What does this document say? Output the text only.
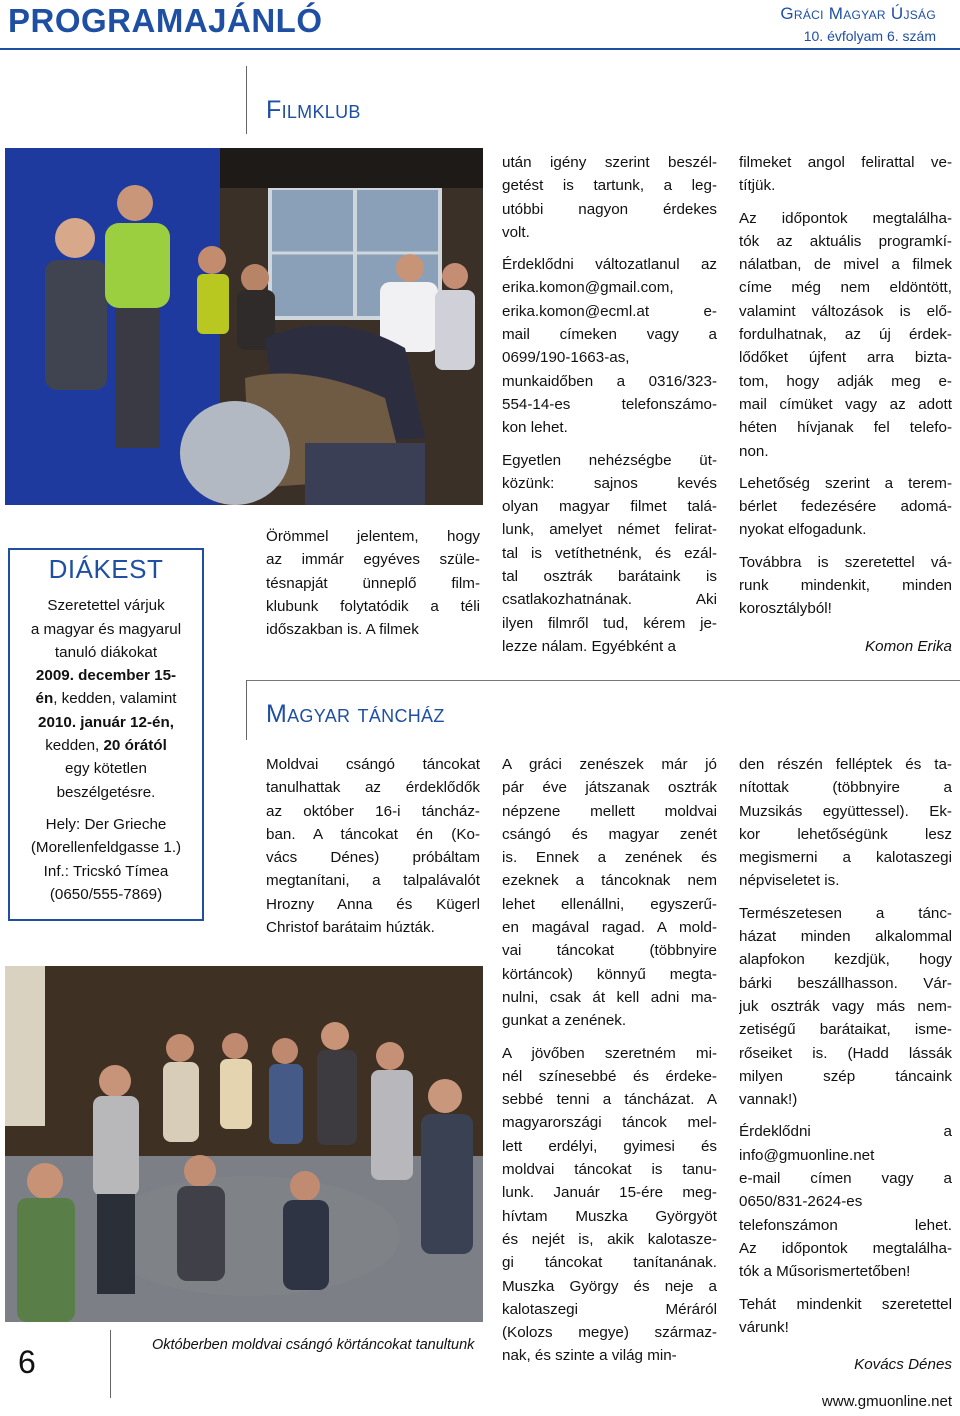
PROGRAMAJÁNLÓ	Gráci Magyar Újság
10. évfolyam 6. szám
Filmklub
DIÁKEST
Szeretettel várjuk
a magyar és magyarul
tanuló diákokat
2009. december 15-
én, kedden, valamint
2010. január 12-én,
kedden, 20 órától
egy kötetlen
beszélgetésre.
Hely: Der Grieche
(Morellenfeldgasse 1.)
Inf.: Tricskó Tímea
(0650/555-7869)
Örömmel jelentem, hogy
az immár egyéves szüle-
tésnapját ünneplő film-
klubunk folytatódik a téli
időszakban is. A filmek
után igény szerint beszél-
getést is tartunk, a leg-
utóbbi nagyon érdekes
volt.
Érdeklődni változatlanul az
erika.komon@gmail.com,
erika.komon@ecml.at e-
mail címeken vagy a
0699/190-1663-as,
munkaidőben a 0316/323-
554-14-es telefonszámo-
kon lehet.
Egyetlen nehézségbe üt-
közünk: sajnos kevés
olyan magyar filmet talá-
lunk, amelyet német felirat-
tal is vetíthetnénk, és ezál-
tal osztrák barátaink is
csatlakozhatnának. Aki
ilyen filmről tud, kérem je-
lezze nálam. Egyébként a
filmeket angol felirattal ve-
títjük.
Az időpontok megtalálha-
tók az aktuális programkí-
nálatban, de mivel a filmek
címe még nem eldöntött,
valamint változások is elő-
fordulhatnak, az új érdek-
lődőket újfent arra bizta-
tom, hogy adják meg e-
mail címüket vagy az adott
héten hívjanak fel telefo-
non.
Lehetőség szerint a terem-
bérlet fedezésére adomá-
nyokat elfogadunk.
Továbbra is szeretettel vá-
runk mindenkit, minden
korosztályból!
Komon Erika
Magyar táncház
Moldvai csángó táncokat
tanulhattak az érdeklődők
az október 16-i táncház-
ban. A táncokat én (Ko-
vács Dénes) próbáltam
megtanítani, a talpalávalót
Hrozny Anna és Kügerl
Christof barátaim húzták.
A gráci zenészek már jó
pár éve játszanak osztrák
népzene mellett moldvai
csángó és magyar zenét
is. Ennek a zenének és
ezeknek a táncoknak nem
lehet ellenállni, egyszerű-
en magával ragad. A mold-
vai táncokat (többnyire
körtáncok) könnyű megta-
nulni, csak át kell adni ma-
gunkat a zenének.
A jövőben szeretném mi-
nél színesebbé és érdeke-
sebbé tenni a táncházat. A
magyarországi táncok mel-
lett erdélyi, gyimesi és
moldvai táncokat is tanu-
lunk. Január 15-ére meg-
hívtam Muszka Györgyöt
és nejét is, akik kalotasze-
gi táncokat tanítanának.
Muszka György és neje a
kalotaszegi Méráról
(Kolozs megye) származ-
nak, és szinte a világ min-
den részén felléptek és ta-
nítottak (többnyire a
Muzsikás együttessel). Ek-
kor lehetőségünk lesz
megismerni a kalotaszegi
népviseletet is.
Természetesen a tánc-
házat minden alkalommal
alapfokon kezdjük, hogy
bárki beszállhasson. Vár-
juk osztrák vagy más nem-
zetiségű barátaikat, isme-
rőseiket is. (Hadd lássák
milyen szép táncaink
vannak!)
Érdeklődni a
info@gmuonline.net
e-mail címen vagy a
0650/831-2624-es
telefonszámon lehet.
Az időpontok megtalálha-
tók a Műsorismertetőben!
Tehát mindenkit szeretettel
várunk!
Kovács Dénes
6	Októberben moldvai csángó körtáncokat tanultunk
www.gmuonline.net
